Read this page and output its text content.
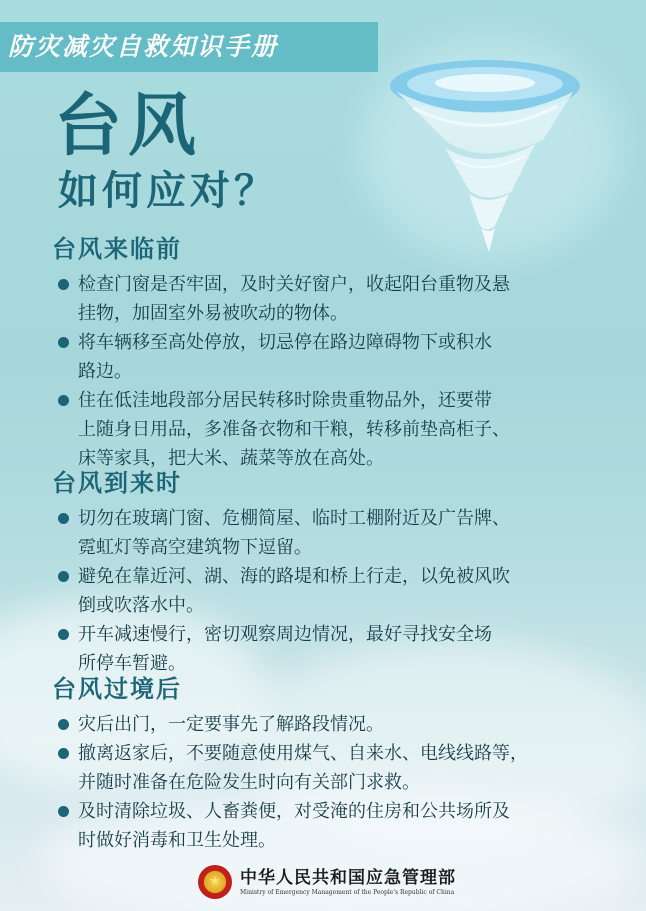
防灾减灾自救知识手册
台风
如何应对？
台风来临前
检查门窗是否牢固，及时关好窗户，收起阳台重物及悬
挂物，加固室外易被吹动的物体。
将车辆移至高处停放，切忌停在路边障碍物下或积水
路边。
住在低洼地段部分居民转移时除贵重物品外，还要带
上随身日用品，多准备衣物和干粮，转移前垫高柜子、
床等家具，把大米、蔬菜等放在高处。
台风到来时
切勿在玻璃门窗、危棚简屋、临时工棚附近及广告牌、
霓虹灯等高空建筑物下逗留。
避免在靠近河、湖、海的路堤和桥上行走，以免被风吹
倒或吹落水中。
开车减速慢行，密切观察周边情况，最好寻找安全场
所停车暂避。
台风过境后
灾后出门，一定要事先了解路段情况。
撤离返家后，不要随意使用煤气、自来水、电线线路等，
并随时准备在危险发生时向有关部门求救。
及时清除垃圾、人畜粪便，对受淹的住房和公共场所及
时做好消毒和卫生处理。
★	中华人民共和国应急管理部
Ministry of Emergency Management of the People's Republic of China
